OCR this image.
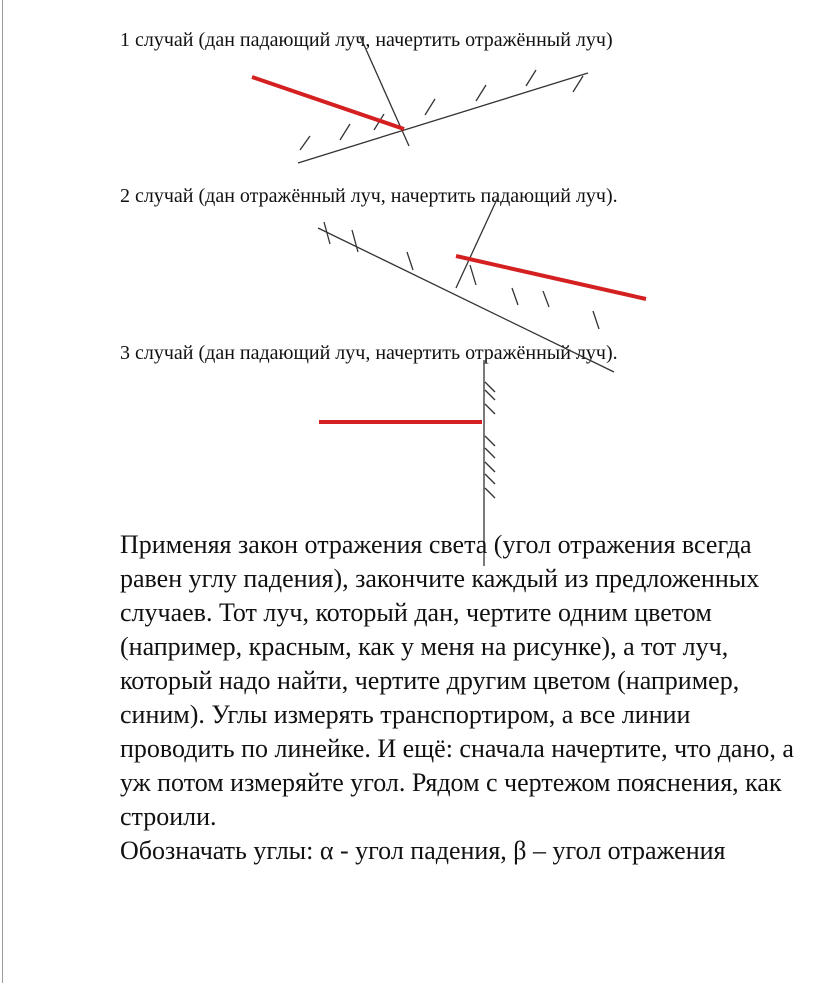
1 случай (дан падающий луч, начертить отражённый луч)
2 случай (дан отражённый луч, начертить падающий луч).
3 случай (дан падающий луч, начертить отражённый луч).

Применяя закон отражения света (угол отражения всегда равен углу падения), закончите каждый из предложенных случаев. Тот луч, который дан, чертите одним цветом (например, красным, как у меня на рисунке), а тот луч, который надо найти, чертите другим цветом (например, синим). Углы измерять транспортиром, а все линии проводить по линейке. И ещё: сначала начертите, что дано, а уж потом измеряйте угол. Рядом с чертежом пояснения, как строили.

Обозначать углы: α - угол падения, β – угол отражения
